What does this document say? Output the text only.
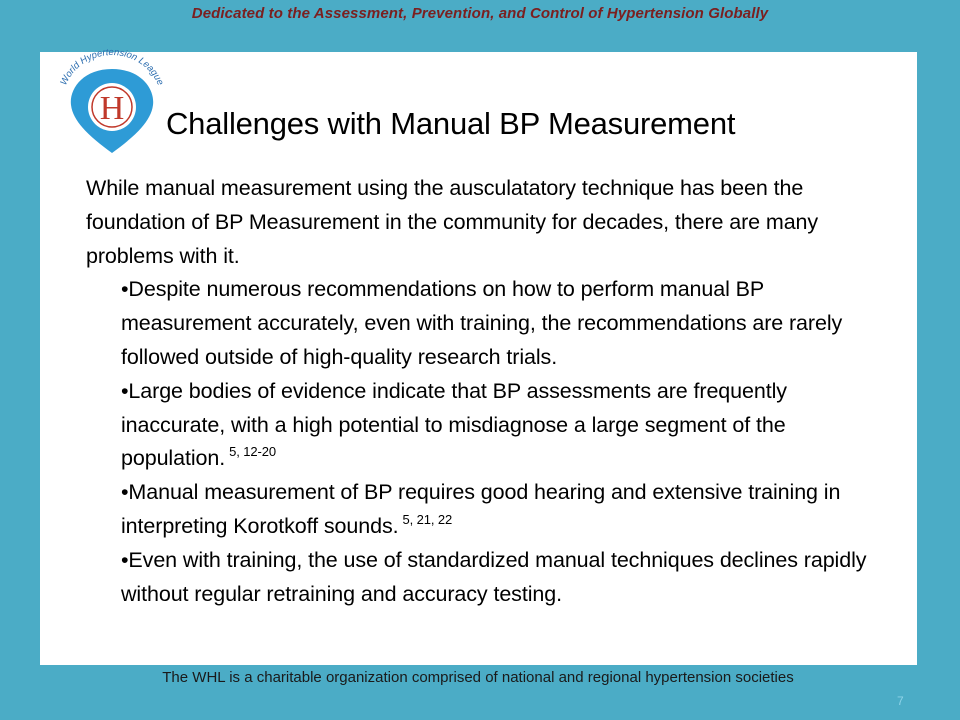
Dedicated to the Assessment, Prevention, and Control of Hypertension Globally
H
World Hypertension League
Challenges with Manual BP Measurement

While manual measurement using the ausculatatory technique has been the foundation of BP Measurement in the community for decades, there are many problems with it.

•Despite numerous recommendations on how to perform manual BP measurement accurately, even with training, the recommendations are rarely followed outside of high-quality research trials.
•Large bodies of evidence indicate that BP assessments are frequently inaccurate, with a high potential to misdiagnose a large segment of the population. $^{5, 12-20}$
•Manual measurement of BP requires good hearing and extensive training in interpreting Korotkoff sounds. $^{5, 21, 22}$
•Even with training, the use of standardized manual techniques declines rapidly without regular retraining and accuracy testing.
The WHL is a charitable organization comprised of national and regional hypertension societies
7
